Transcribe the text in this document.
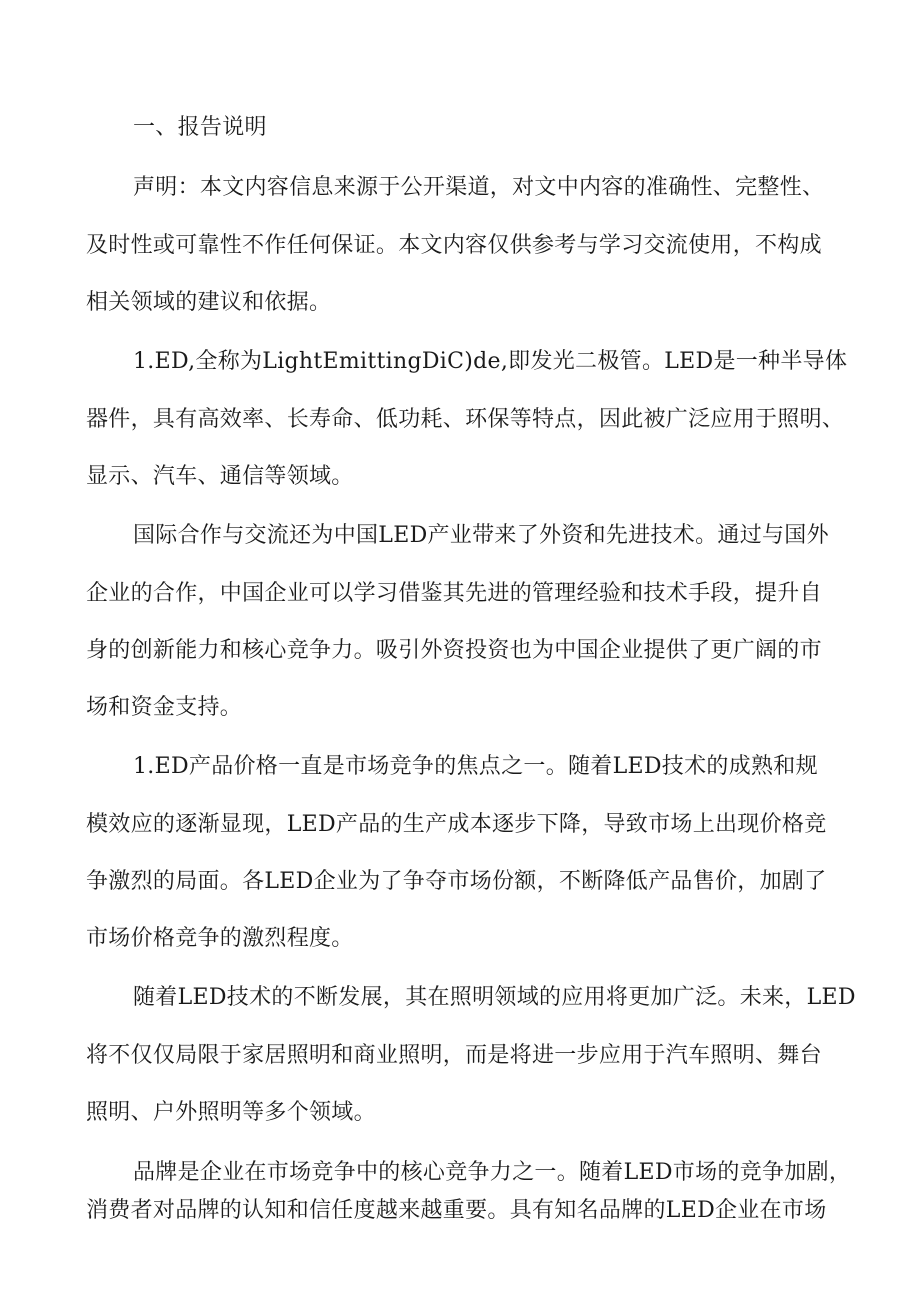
一、报告说明
声明：本文内容信息来源于公开渠道，对文中内容的准确性、完整性、
及时性或可靠性不作任何保证。本文内容仅供参考与学习交流使用，不构成
相关领域的建议和依据。
1.ED,全称为LightEmittingDiC)de,即发光二极管。LED是一种半导体
器件，具有高效率、长寿命、低功耗、环保等特点，因此被广泛应用于照明、
显示、汽车、通信等领域。
国际合作与交流还为中国LED产业带来了外资和先进技术。通过与国外
企业的合作，中国企业可以学习借鉴其先进的管理经验和技术手段，提升自
身的创新能力和核心竞争力。吸引外资投资也为中国企业提供了更广阔的市
场和资金支持。
1.ED产品价格一直是市场竞争的焦点之一。随着LED技术的成熟和规
模效应的逐渐显现，LED产品的生产成本逐步下降，导致市场上出现价格竞
争激烈的局面。各LED企业为了争夺市场份额，不断降低产品售价，加剧了
市场价格竞争的激烈程度。
随着LED技术的不断发展，其在照明领域的应用将更加广泛。未来，LED
将不仅仅局限于家居照明和商业照明，而是将进一步应用于汽车照明、舞台
照明、户外照明等多个领域。
品牌是企业在市场竞争中的核心竞争力之一。随着LED市场的竞争加剧，
消费者对品牌的认知和信任度越来越重要。具有知名品牌的LED企业在市场
